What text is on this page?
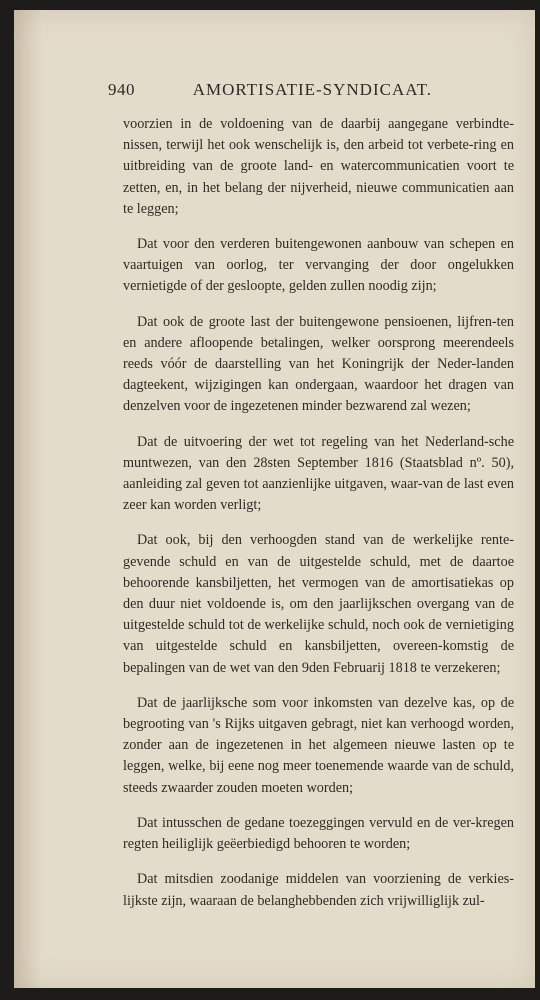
940	AMORTISATIE-SYNDICAAT.

voorzien in de voldoening van de daarbij aangegane verbindte-nissen, terwijl het ook wenschelijk is, den arbeid tot verbete-ring en uitbreiding van de groote land- en watercommunicatien voort te zetten, en, in het belang der nijverheid, nieuwe communicatien aan te leggen;

Dat voor den verderen buitengewonen aanbouw van schepen en vaartuigen van oorlog, ter vervanging der door ongelukken vernietigde of der gesloopte, gelden zullen noodig zijn;

Dat ook de groote last der buitengewone pensioenen, lijfren-ten en andere afloopende betalingen, welker oorsprong meerendeels reeds vóór de daarstelling van het Koningrijk der Neder-landen dagteekent, wijzigingen kan ondergaan, waardoor het dragen van denzelven voor de ingezetenen minder bezwarend zal wezen;

Dat de uitvoering der wet tot regeling van het Nederland-sche muntwezen, van den 28sten September 1816 (Staatsblad nº. 50), aanleiding zal geven tot aanzienlijke uitgaven, waar-van de last even zeer kan worden verligt;

Dat ook, bij den verhoogden stand van de werkelijke rente-gevende schuld en van de uitgestelde schuld, met de daartoe behoorende kansbiljetten, het vermogen van de amortisatiekas op den duur niet voldoende is, om den jaarlijkschen overgang van de uitgestelde schuld tot de werkelijke schuld, noch ook de vernietiging van uitgestelde schuld en kansbiljetten, overeen-komstig de bepalingen van de wet van den 9den Februarij 1818 te verzekeren;

Dat de jaarlijksche som voor inkomsten van dezelve kas, op de begrooting van 's Rijks uitgaven gebragt, niet kan verhoogd worden, zonder aan de ingezetenen in het algemeen nieuwe lasten op te leggen, welke, bij eene nog meer toenemende waarde van de schuld, steeds zwaarder zouden moeten worden;

Dat intusschen de gedane toezeggingen vervuld en de ver-kregen regten heiliglijk geëerbiedigd behooren te worden;

Dat mitsdien zoodanige middelen van voorziening de verkies-lijkste zijn, waaraan de belanghebbenden zich vrijwilliglijk zul-
